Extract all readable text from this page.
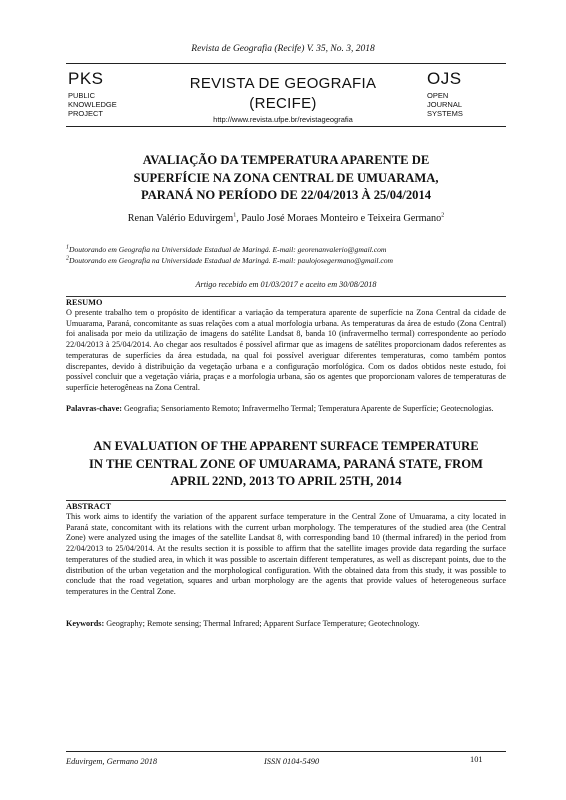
Revista de Geografia (Recife) V. 35, No. 3, 2018
PKS
PUBLIC
KNOWLEDGE
PROJECT
REVISTA DE GEOGRAFIA
(RECIFE)
http://www.revista.ufpe.br/revistageografia
OJS
OPEN
JOURNAL
SYSTEMS
AVALIAÇÃO DA TEMPERATURA APARENTE DE
SUPERFÍCIE NA ZONA CENTRAL DE UMUARAMA,
PARANÁ NO PERÍODO DE 22/04/2013 À 25/04/2014
Renan Valério Eduvirgem$^1$, Paulo José Moraes Monteiro e Teixeira Germano$^2$
$^1$Doutorando em Geografia na Universidade Estadual de Maringá. E-mail: georenanvalerio@gmail.com
$^2$Doutorando em Geografia na Universidade Estadual de Maringá. E-mail: paulojosegermano@gmail.com
Artigo recebido em 01/03/2017 e aceito em 30/08/2018
RESUMO
O presente trabalho tem o propósito de identificar a variação da temperatura aparente de superfície na Zona Central da cidade de Umuarama, Paraná, concomitante as suas relações com a atual morfologia urbana. As temperaturas da área de estudo (Zona Central) foi analisada por meio da utilização de imagens do satélite Landsat 8, banda 10 (infravermelho termal) correspondente ao período 22/04/2013 à 25/04/2014. Ao chegar aos resultados é possível afirmar que as imagens de satélites proporcionam dados referentes as temperaturas de superfícies da área estudada, na qual foi possível averiguar diferentes temperaturas, como também pontos discrepantes, devido à distribuição da vegetação urbana e a configuração morfológica. Com os dados obtidos neste estudo, foi possível concluir que a vegetação viária, praças e a morfologia urbana, são os agentes que proporcionam valores de temperaturas de superfície heterogêneas na Zona Central.
Palavras-chave: Geografia; Sensoriamento Remoto; Infravermelho Termal; Temperatura Aparente de Superfície; Geotecnologias.
AN EVALUATION OF THE APPARENT SURFACE TEMPERATURE
IN THE CENTRAL ZONE OF UMUARAMA, PARANÁ STATE, FROM
APRIL 22ND, 2013 TO APRIL 25TH, 2014
ABSTRACT
This work aims to identify the variation of the apparent surface temperature in the Central Zone of Umuarama, a city located in Paraná state, concomitant with its relations with the current urban morphology. The temperatures of the studied area (the Central Zone) were analyzed using the images of the satellite Landsat 8, with corresponding band 10 (thermal infrared) in the period from 22/04/2013 to 25/04/2014. At the results section it is possible to affirm that the satellite images provide data regarding the surface temperatures of the studied area, in which it was possible to ascertain different temperatures, as well as discrepant points, due to the distribution of the urban vegetation and the morphological configuration. With the obtained data from this study, it was possible to conclude that the road vegetation, squares and urban morphology are the agents that provide values of heterogeneous surface temperatures in the Central Zone.
Keywords: Geography; Remote sensing; Thermal Infrared; Apparent Surface Temperature; Geotechnology.
Eduvirgem, Germano 2018	ISSN 0104-5490	101
